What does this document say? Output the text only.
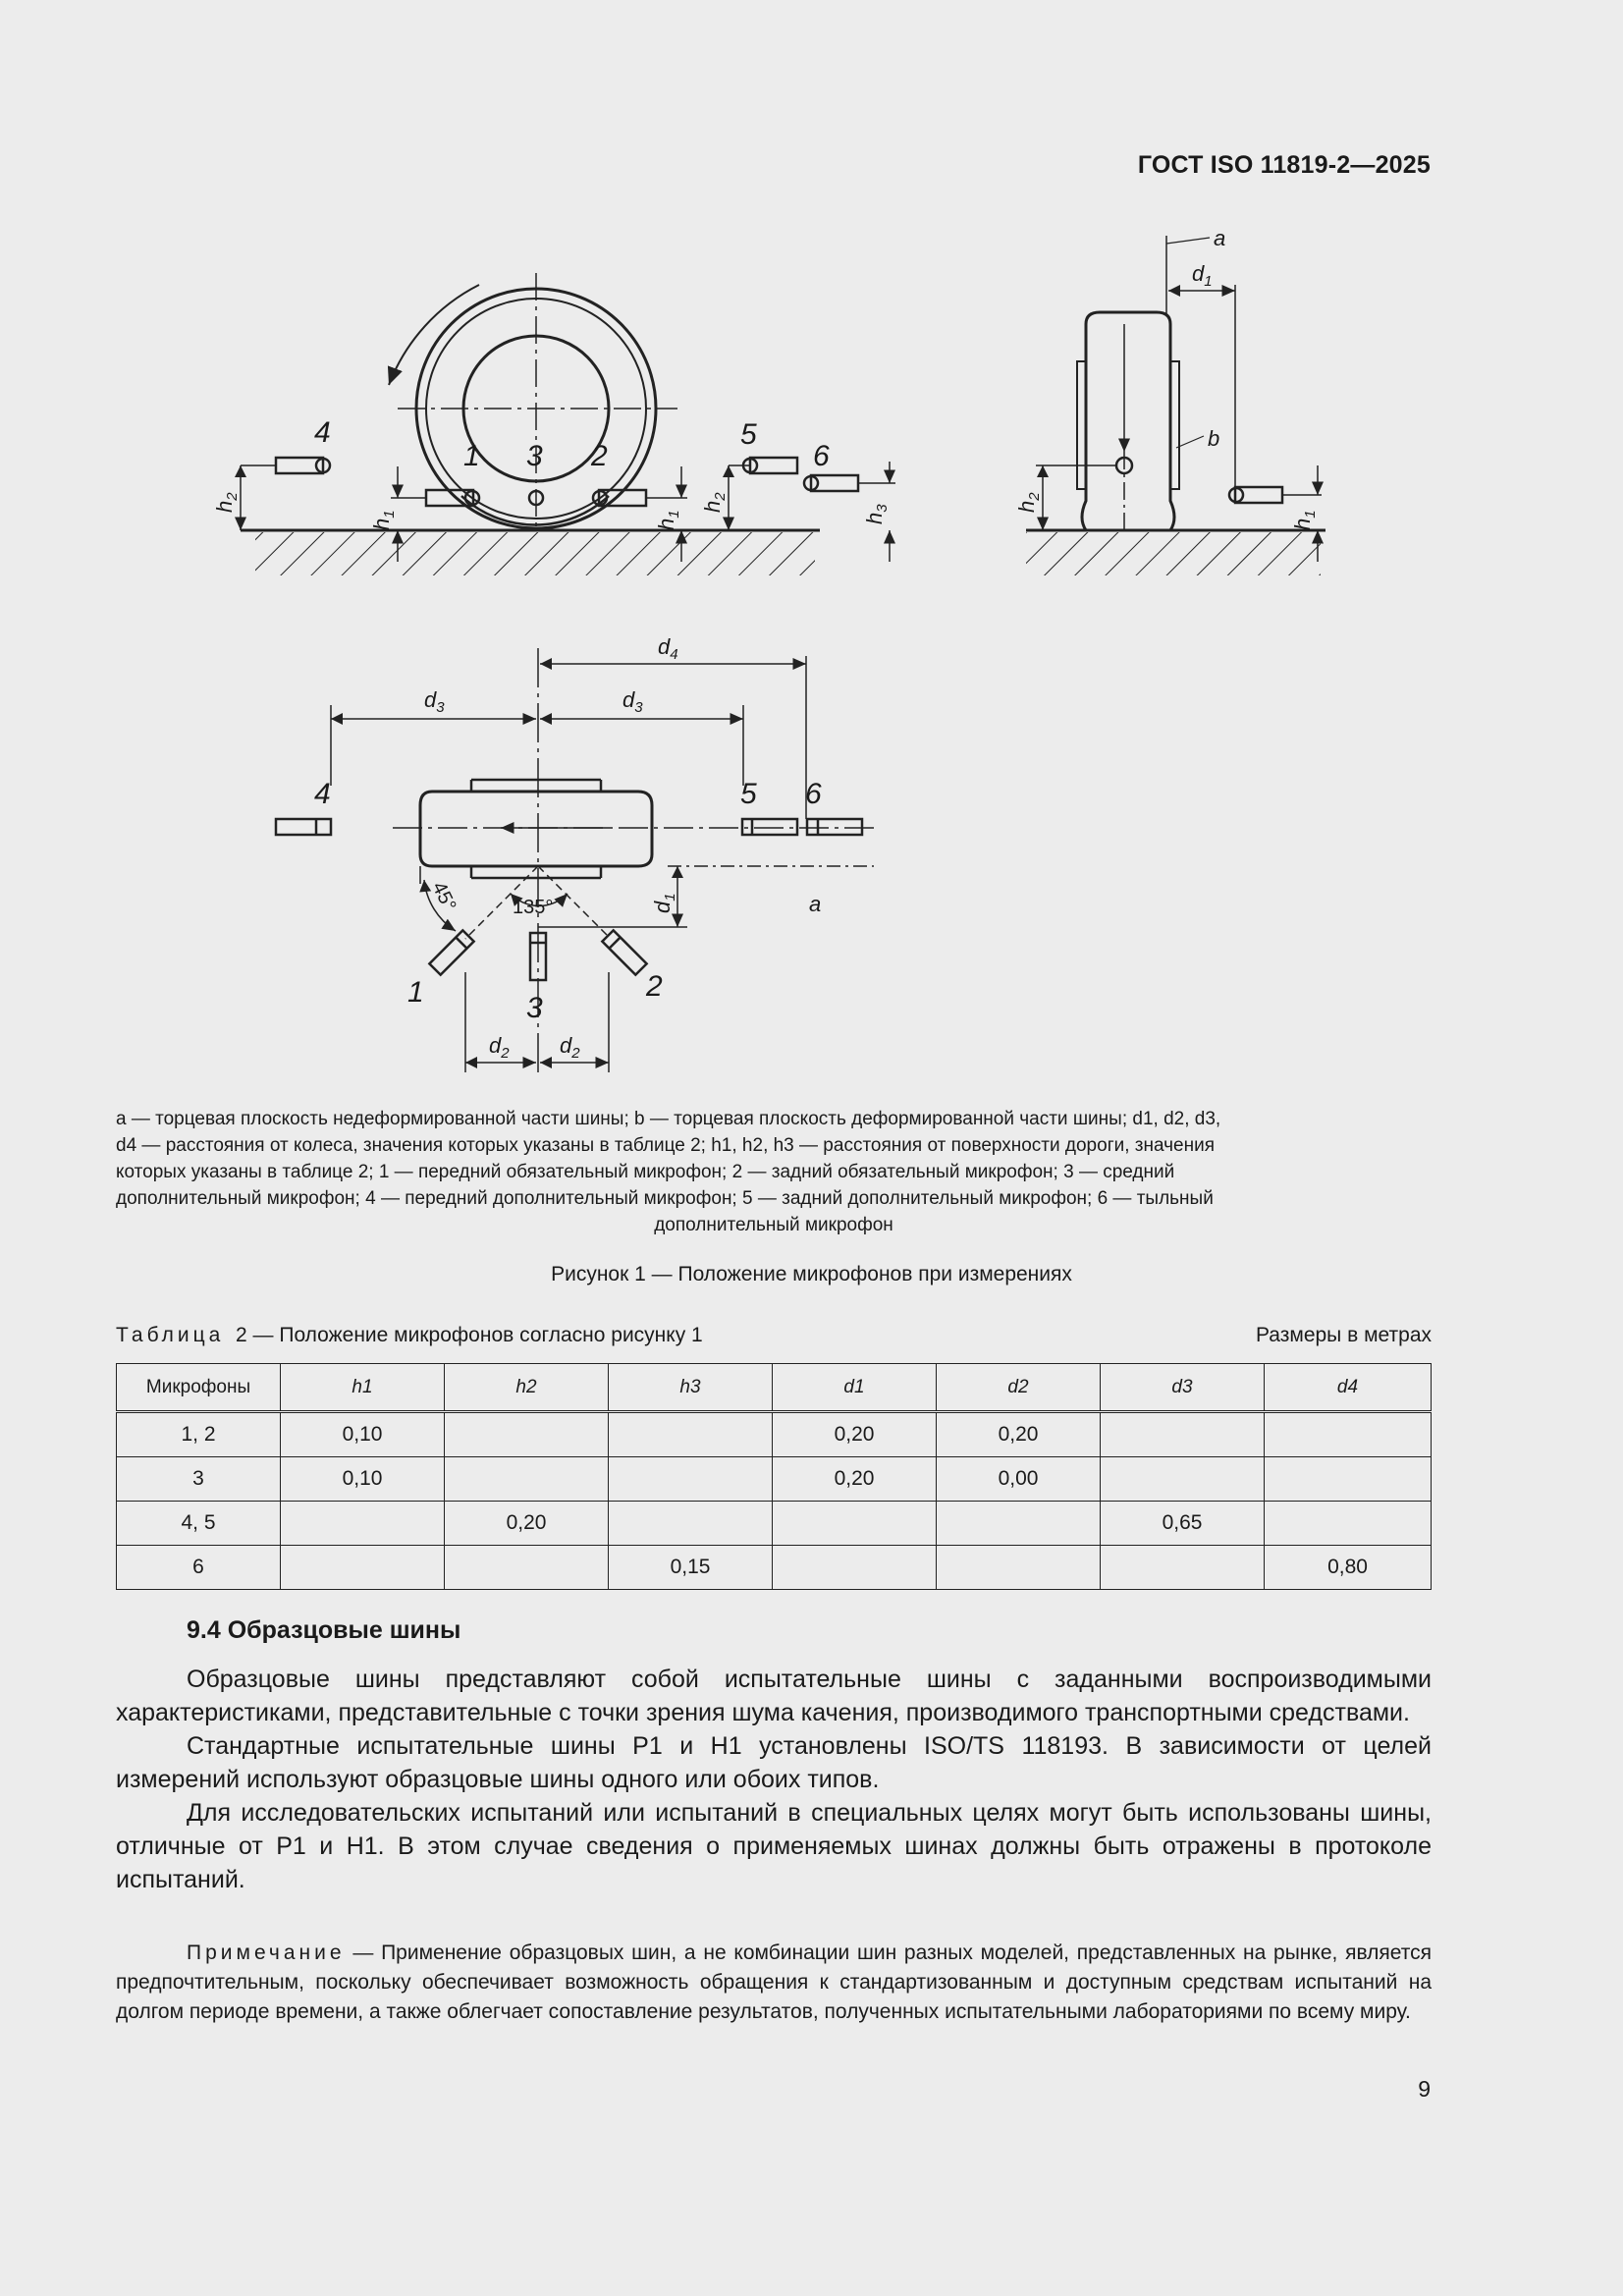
ГОСТ ISO 11819-2—2025
4
1 3 2
5
6
4	5 6
1	3
2
a
b
a
$d_1$
$d_4$
$d_3$	$d_3$
$d_2$ $d_2$
$d_1$
$h_2$
$h_1$
$h_1$
$h_2$
$h_3$	$h_2$
$h_1$
45°	135°
a — торцевая плоскость недеформированной части шины; b — торцевая плоскость деформированной части шины; d1, d2, d3,
d4 — расстояния от колеса, значения которых указаны в таблице 2; h1, h2, h3 — расстояния от поверхности дороги, значения
которых указаны в таблице 2; 1 — передний обязательный микрофон; 2 — задний обязательный микрофон; 3 — средний
дополнительный микрофон; 4 — передний дополнительный микрофон; 5 — задний дополнительный микрофон; 6 — тыльный
дополнительный микрофон
Рисунок 1 — Положение микрофонов при измерениях
Таблица 2 — Положение микрофонов согласно рисунку 1	Размеры в метрах
Микрофоны	h1	h2	h3	d1	d2	d3	d4
1, 2	0,10			0,20	0,20		
3	0,10			0,20	0,00		
4, 5		0,20				0,65	
6			0,15				0,80
9.4 Образцовые шины

Образцовые шины представляют собой испытательные шины с заданными воспроизводимыми характеристиками, представительные с точки зрения шума качения, производимого транспортными средствами.

Стандартные испытательные шины P1 и H1 установлены ISO/TS 118193. В зависимости от целей измерений используют образцовые шины одного или обоих типов.

Для исследовательских испытаний или испытаний в специальных целях могут быть использованы шины, отличные от P1 и H1. В этом случае сведения о применяемых шинах должны быть отражены в протоколе испытаний.

Примечание — Применение образцовых шин, а не комбинации шин разных моделей, представленных на рынке, является предпочтительным, поскольку обеспечивает возможность обращения к стандартизованным и доступным средствам испытаний на долгом периоде времени, а также облегчает сопоставление результатов, полученных испытательными лабораториями по всему миру.
9
